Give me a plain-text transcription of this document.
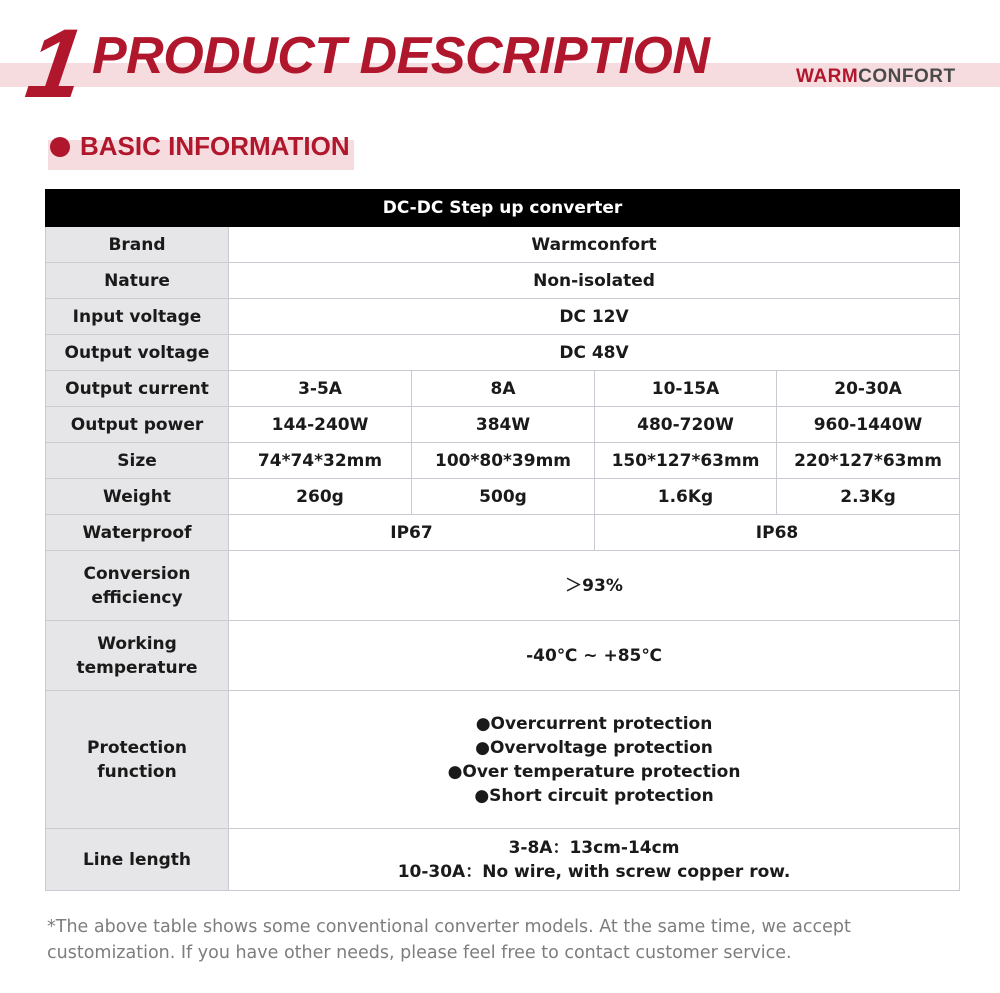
1 PRODUCT DESCRIPTION	WARMCONFORT
BASIC INFORMATION
DC-DC Step up converter				
Brand	Warmconfort			
Nature	Non-isolated			
Input voltage	DC 12V			
Output voltage	DC 48V			
Output current	3-5A	8A	10-15A	20-30A
Output power	144-240W	384W	480-720W	960-1440W
Size	74*74*32mm	100*80*39mm	150*127*63mm	220*127*63mm
Weight	260g	500g	1.6Kg	2.3Kg
Waterproof	IP67		IP68	

Conversion
efficiency	＞93%			

Working
temperature	-40℃ ~ +85℃			

Protection
function	●Overcurrent protection
●Overvoltage protection
●Over temperature protection
●Short circuit protection			

Line length	3-8A：13cm-14cm
10-30A：No wire, with screw copper row.			
*The above table shows some conventional converter models. At the same time, we accept
customization. If you have other needs, please feel free to contact customer service.
